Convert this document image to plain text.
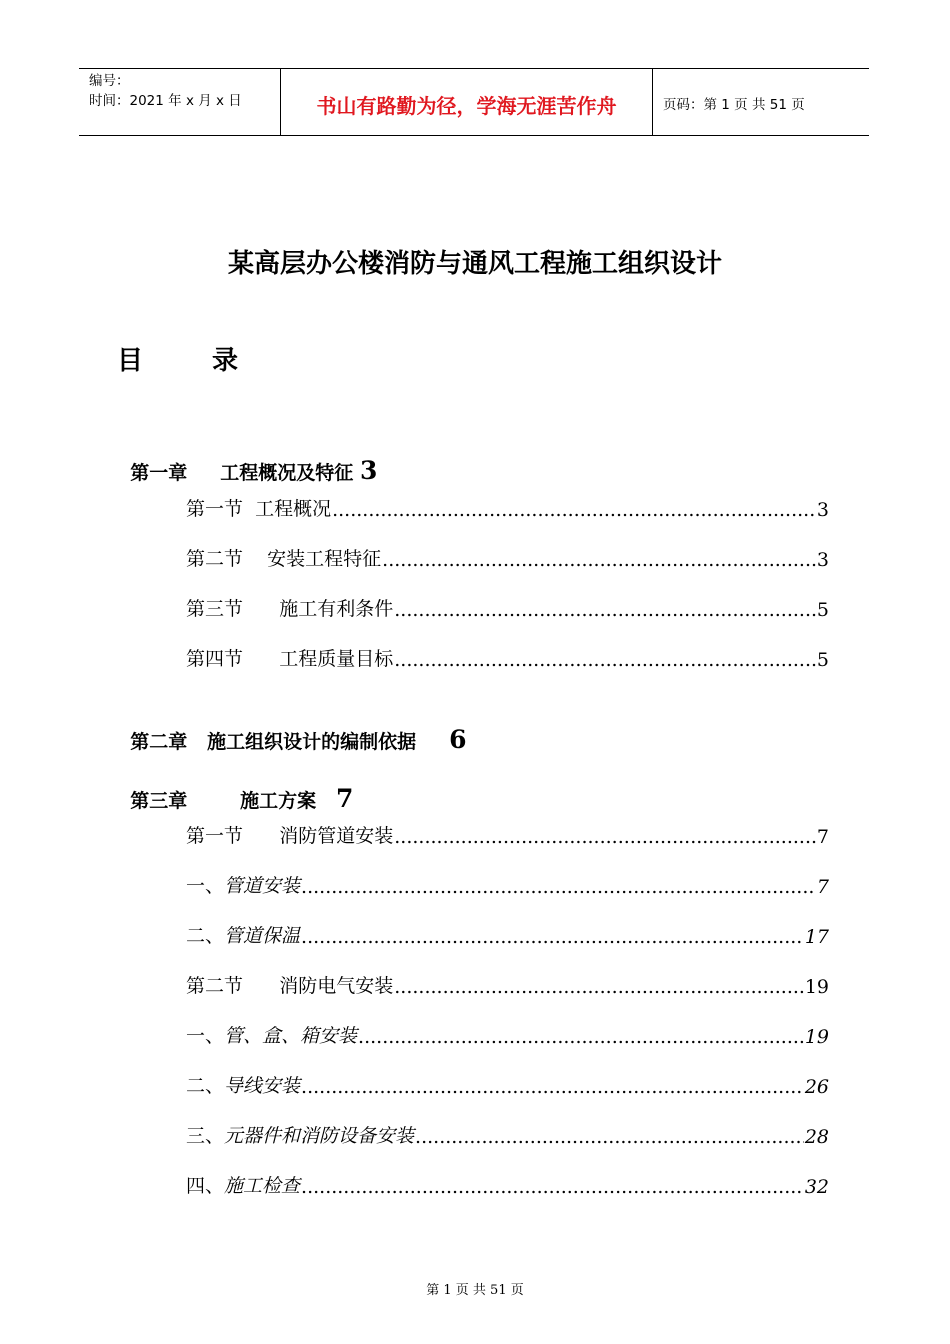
编号：
时间：2021 年 x 月 x 日	书山有路勤为径，学海无涯苦作舟	页码：第 1 页 共 51 页
某高层办公楼消防与通风工程施工组织设计
目 录

第一章     工程概况及特征 3

第一节  工程概况 .....	3
第二节    安装工程特征 .....	3
第三节      施工有利条件 .....	5
第四节      工程质量目标 .....	5

第二章   施工组织设计的编制依据     6

第三章        施工方案   7

第一节      消防管道安装 .....	7
一、管道安装 .....	7
二、管道保温 .....	17
第二节      消防电气安装 .....	19
一、管、盒、箱安装 .....	19
二、导线安装 .....	26
三、元器件和消防设备安装 .....	28
四、施工检查 .....	32
第 1 页 共 51 页
